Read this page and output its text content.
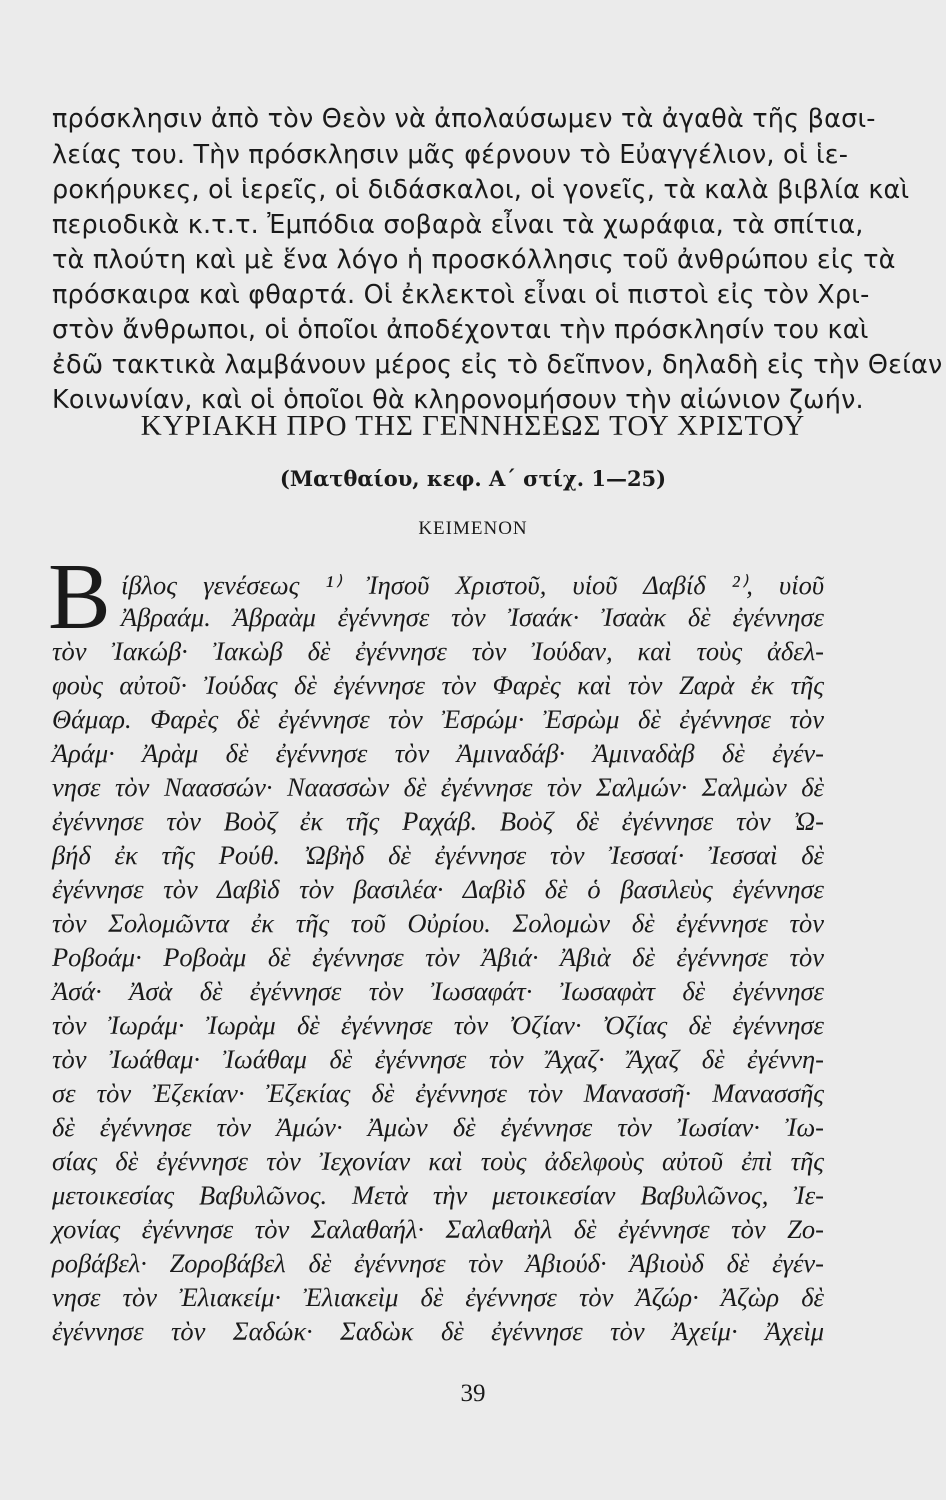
πρόσκλησιν ἀπὸ τὸν Θεὸν νὰ ἀπολαύσωμεν τὰ ἀγαθὰ τῆς βασι-
λείας του. Τὴν πρόσκλησιν μᾶς φέρνουν τὸ Εὐαγγέλιον, οἱ ἱε-
ροκήρυκες, οἱ ἱερεῖς, οἱ διδάσκαλοι, οἱ γονεῖς, τὰ καλὰ βιβλία καὶ
περιοδικὰ κ.τ.τ. Ἐμπόδια σοβαρὰ εἶναι τὰ χωράφια, τὰ σπίτια,
τὰ πλούτη καὶ μὲ ἕνα λόγο ἡ προσκόλλησις τοῦ ἀνθρώπου εἰς τὰ
πρόσκαιρα καὶ φθαρτά. Οἱ ἐκλεκτοὶ εἶναι οἱ πιστοὶ εἰς τὸν Χρι-
στὸν ἄνθρωποι, οἱ ὁποῖοι ἀποδέχονται τὴν πρόσκλησίν του καὶ
ἐδῶ τακτικὰ λαμβάνουν μέρος εἰς τὸ δεῖπνον, δηλαδὴ εἰς τὴν Θείαν
Κοινωνίαν, καὶ οἱ ὁποῖοι θὰ κληρονομήσουν τὴν αἰώνιον ζωήν.
ΚΥΡΙΑΚΗ ΠΡΟ ΤΗΣ ΓΕΝΝΗΣΕΩΣ ΤΟΥ ΧΡΙΣΤΟΥ
(Ματθαίου, κεφ. Α΄ στίχ. 1—25)
ΚΕΙΜΕΝΟΝ
Β ίβλος γενέσεως ¹⁾ Ἰησοῦ Χριστοῦ, υἱοῦ Δαβίδ ²⁾, υἱοῦ
Ἀβραάμ. Ἀβραὰμ ἐγέννησε τὸν Ἰσαάκ· Ἰσαὰκ δὲ ἐγέννησε
τὸν Ἰακώβ· Ἰακὼβ δὲ ἐγέννησε τὸν Ἰούδαν, καὶ τοὺς ἀδελ-
φοὺς αὐτοῦ· Ἰούδας δὲ ἐγέννησε τὸν Φαρὲς καὶ τὸν Ζαρὰ ἐκ τῆς
Θάμαρ. Φαρὲς δὲ ἐγέννησε τὸν Ἐσρώμ· Ἐσρὼμ δὲ ἐγέννησε τὸν
Ἀράμ· Ἀρὰμ δὲ ἐγέννησε τὸν Ἀμιναδάβ· Ἀμιναδὰβ δὲ ἐγέν-
νησε τὸν Ναασσών· Ναασσὼν δὲ ἐγέννησε τὸν Σαλμών· Σαλμὼν δὲ
ἐγέννησε τὸν Βοὸζ ἐκ τῆς Ραχάβ. Βοὸζ δὲ ἐγέννησε τὸν Ὠ-
βήδ ἐκ τῆς Ρούθ. Ὠβὴδ δὲ ἐγέννησε τὸν Ἰεσσαί· Ἰεσσαὶ δὲ
ἐγέννησε τὸν Δαβὶδ τὸν βασιλέα· Δαβὶδ δὲ ὁ βασιλεὺς ἐγέννησε
τὸν Σολομῶντα ἐκ τῆς τοῦ Οὐρίου. Σολομὼν δὲ ἐγέννησε τὸν
Ροβοάμ· Ροβοὰμ δὲ ἐγέννησε τὸν Ἀβιά· Ἀβιὰ δὲ ἐγέννησε τὸν
Ἀσά· Ἀσὰ δὲ ἐγέννησε τὸν Ἰωσαφάτ· Ἰωσαφὰτ δὲ ἐγέννησε
τὸν Ἰωράμ· Ἰωρὰμ δὲ ἐγέννησε τὸν Ὀζίαν· Ὀζίας δὲ ἐγέννησε
τὸν Ἰωάθαμ· Ἰωάθαμ δὲ ἐγέννησε τὸν Ἄχαζ· Ἄχαζ δὲ ἐγέννη-
σε τὸν Ἐζεκίαν· Ἐζεκίας δὲ ἐγέννησε τὸν Μανασσῆ· Μανασσῆς
δὲ ἐγέννησε τὸν Ἀμών· Ἀμὼν δὲ ἐγέννησε τὸν Ἰωσίαν· Ἰω-
σίας δὲ ἐγέννησε τὸν Ἰεχονίαν καὶ τοὺς ἀδελφοὺς αὐτοῦ ἐπὶ τῆς
μετοικεσίας Βαβυλῶνος. Μετὰ τὴν μετοικεσίαν Βαβυλῶνος, Ἰε-
χονίας ἐγέννησε τὸν Σαλαθαήλ· Σαλαθαὴλ δὲ ἐγέννησε τὸν Ζο-
ροβάβελ· Ζοροβάβελ δὲ ἐγέννησε τὸν Ἀβιούδ· Ἀβιοὺδ δὲ ἐγέν-
νησε τὸν Ἐλιακείμ· Ἐλιακεὶμ δὲ ἐγέννησε τὸν Ἀζώρ· Ἀζὼρ δὲ
ἐγέννησε τὸν Σαδώκ· Σαδὼκ δὲ ἐγέννησε τὸν Ἀχείμ· Ἀχεὶμ
39
